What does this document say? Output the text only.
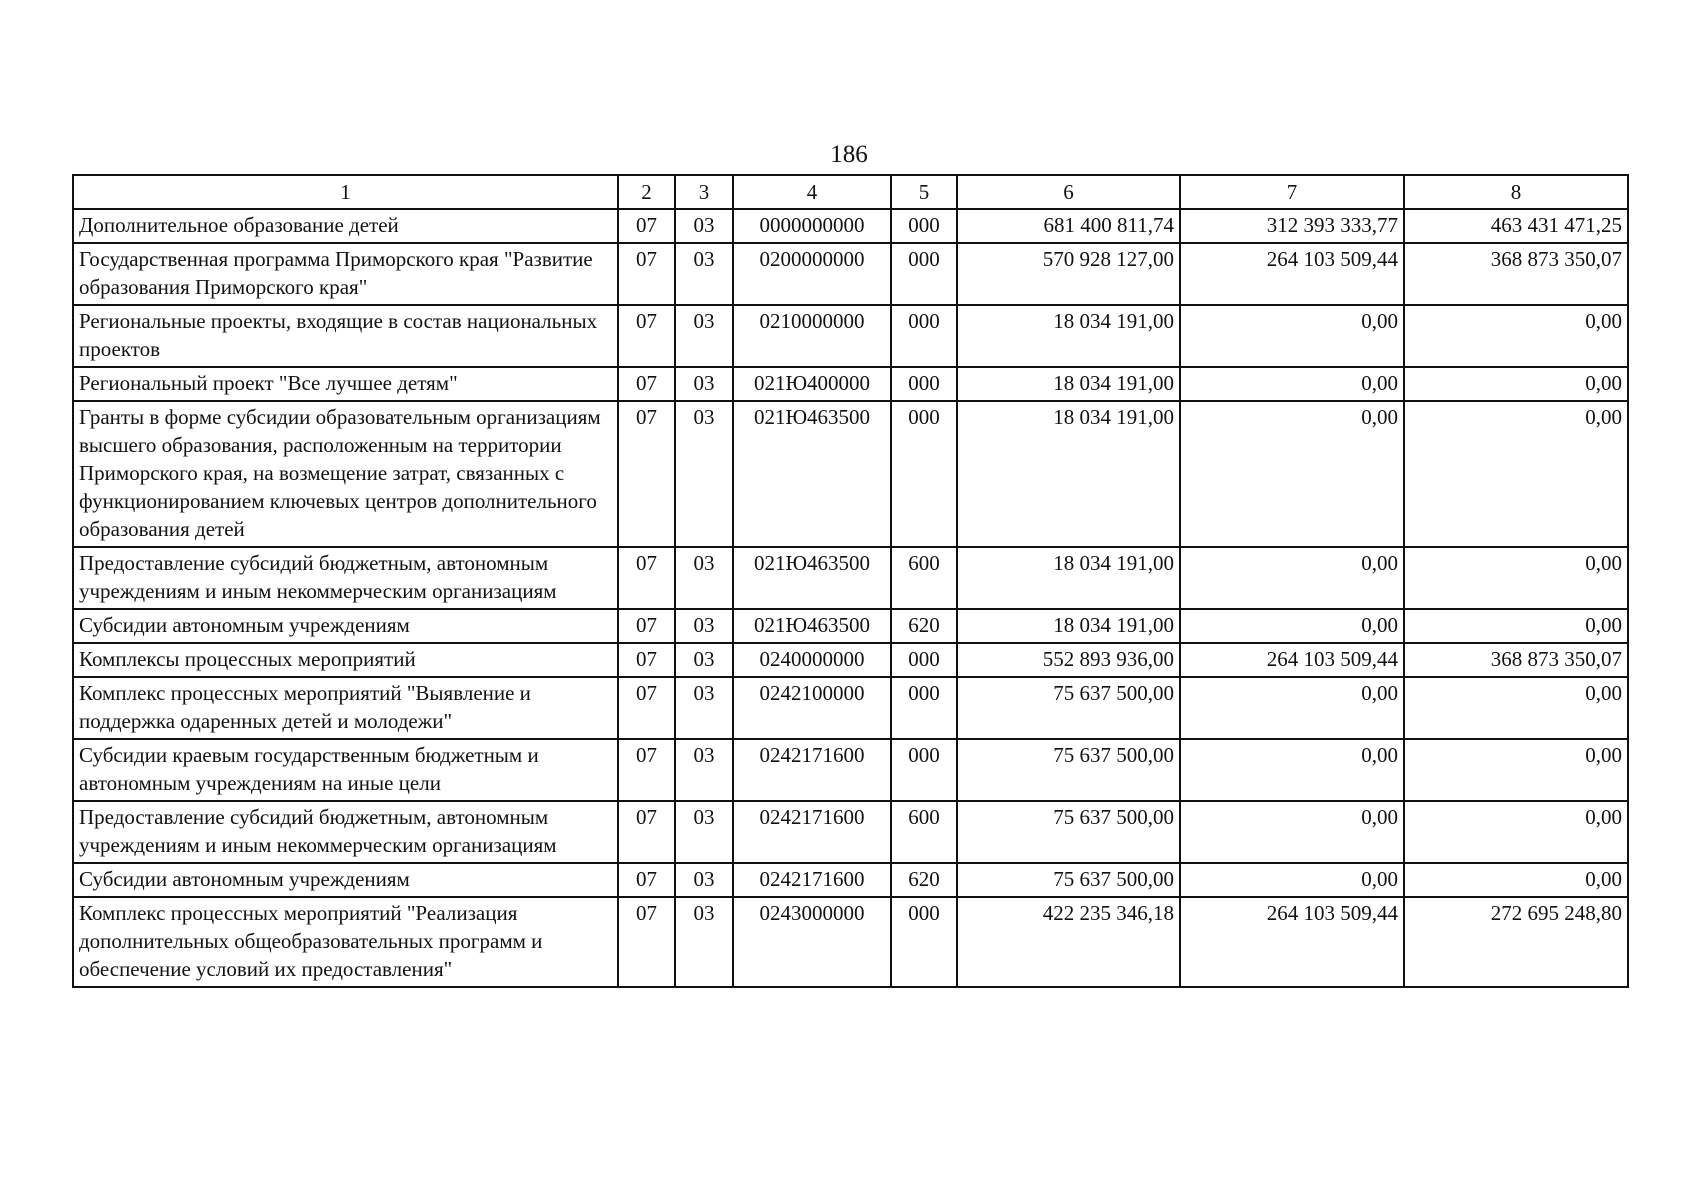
186
1	2	3	4	5	6	7	8
Дополнительное образование детей	07	03	0000000000	000	681 400 811,74	312 393 333,77	463 431 471,25
Государственная программа Приморского края "Развитие образования Приморского края"	07	03	0200000000	000	570 928 127,00	264 103 509,44	368 873 350,07
Региональные проекты, входящие в состав национальных проектов	07	03	0210000000	000	18 034 191,00	0,00	0,00
Региональный проект "Все лучшее детям"	07	03	021Ю400000	000	18 034 191,00	0,00	0,00
Гранты в форме субсидии образовательным организациям высшего образования, расположенным на территории Приморского края, на возмещение затрат, связанных с функционированием ключевых центров дополнительного образования детей	07	03	021Ю463500	000	18 034 191,00	0,00	0,00
Предоставление субсидий бюджетным, автономным учреждениям и иным некоммерческим организациям	07	03	021Ю463500	600	18 034 191,00	0,00	0,00
Субсидии автономным учреждениям	07	03	021Ю463500	620	18 034 191,00	0,00	0,00
Комплексы процессных мероприятий	07	03	0240000000	000	552 893 936,00	264 103 509,44	368 873 350,07
Комплекс процессных мероприятий "Выявление и поддержка одаренных детей и молодежи"	07	03	0242100000	000	75 637 500,00	0,00	0,00
Субсидии краевым государственным бюджетным и автономным учреждениям на иные цели	07	03	0242171600	000	75 637 500,00	0,00	0,00
Предоставление субсидий бюджетным, автономным учреждениям и иным некоммерческим организациям	07	03	0242171600	600	75 637 500,00	0,00	0,00
Субсидии автономным учреждениям	07	03	0242171600	620	75 637 500,00	0,00	0,00
Комплекс процессных мероприятий "Реализация дополнительных общеобразовательных программ и обеспечение условий их предоставления"	07	03	0243000000	000	422 235 346,18	264 103 509,44	272 695 248,80
